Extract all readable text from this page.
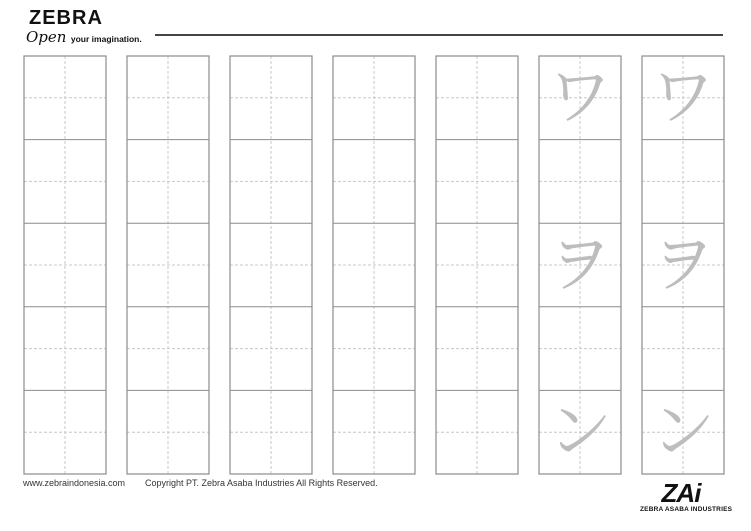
ZEBRA
Open your imagination.
ワ
ヲ
ン
ワ
ヲ
ン
www.zebraindonesia.com Copyright PT. Zebra Asaba Industries All Rights Reserved.	ZAi
ZEBRA ASABA INDUSTRIES
